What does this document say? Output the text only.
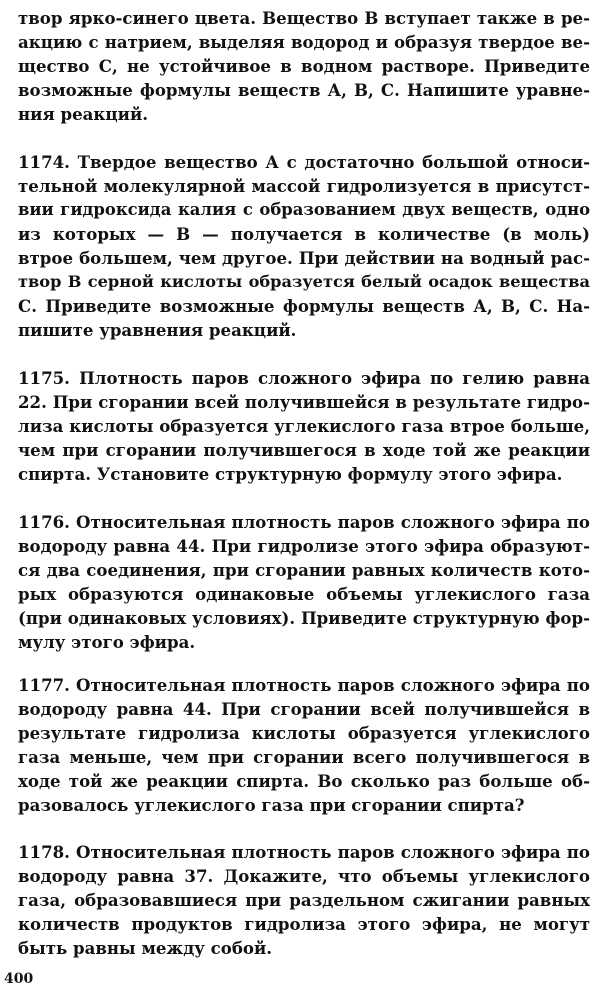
твор ярко-синего цвета. Вещество В вступает также в ре-
акцию с натрием, выделяя водород и образуя твердое ве-
щество С, не устойчивое в водном растворе. Приведите
возможные формулы веществ А, В, С. Напишите уравне-
ния реакций.
1174. Твердое вещество А с достаточно большой относи-
тельной молекулярной массой гидролизуется в присутст-
вии гидроксида калия с образованием двух веществ, одно
из которых — В — получается в количестве (в моль)
втрое большем, чем другое. При действии на водный рас-
твор В серной кислоты образуется белый осадок вещества
С. Приведите возможные формулы веществ А, В, С. На-
пишите уравнения реакций.
1175. Плотность паров сложного эфира по гелию равна
22. При сгорании всей получившейся в результате гидро-
лиза кислоты образуется углекислого газа втрое больше,
чем при сгорании получившегося в ходе той же реакции
спирта. Установите структурную формулу этого эфира.
1176. Относительная плотность паров сложного эфира по
водороду равна 44. При гидролизе этого эфира образуют-
ся два соединения, при сгорании равных количеств кото-
рых образуются одинаковые объемы углекислого газа
(при одинаковых условиях). Приведите структурную фор-
мулу этого эфира.
1177. Относительная плотность паров сложного эфира по
водороду равна 44. При сгорании всей получившейся в
результате гидролиза кислоты образуется углекислого
газа меньше, чем при сгорании всего получившегося в
ходе той же реакции спирта. Во сколько раз больше об-
разовалось углекислого газа при сгорании спирта?
1178. Относительная плотность паров сложного эфира по
водороду равна 37. Докажите, что объемы углекислого
газа, образовавшиеся при раздельном сжигании равных
количеств продуктов гидролиза этого эфира, не могут
быть равны между собой.
400
